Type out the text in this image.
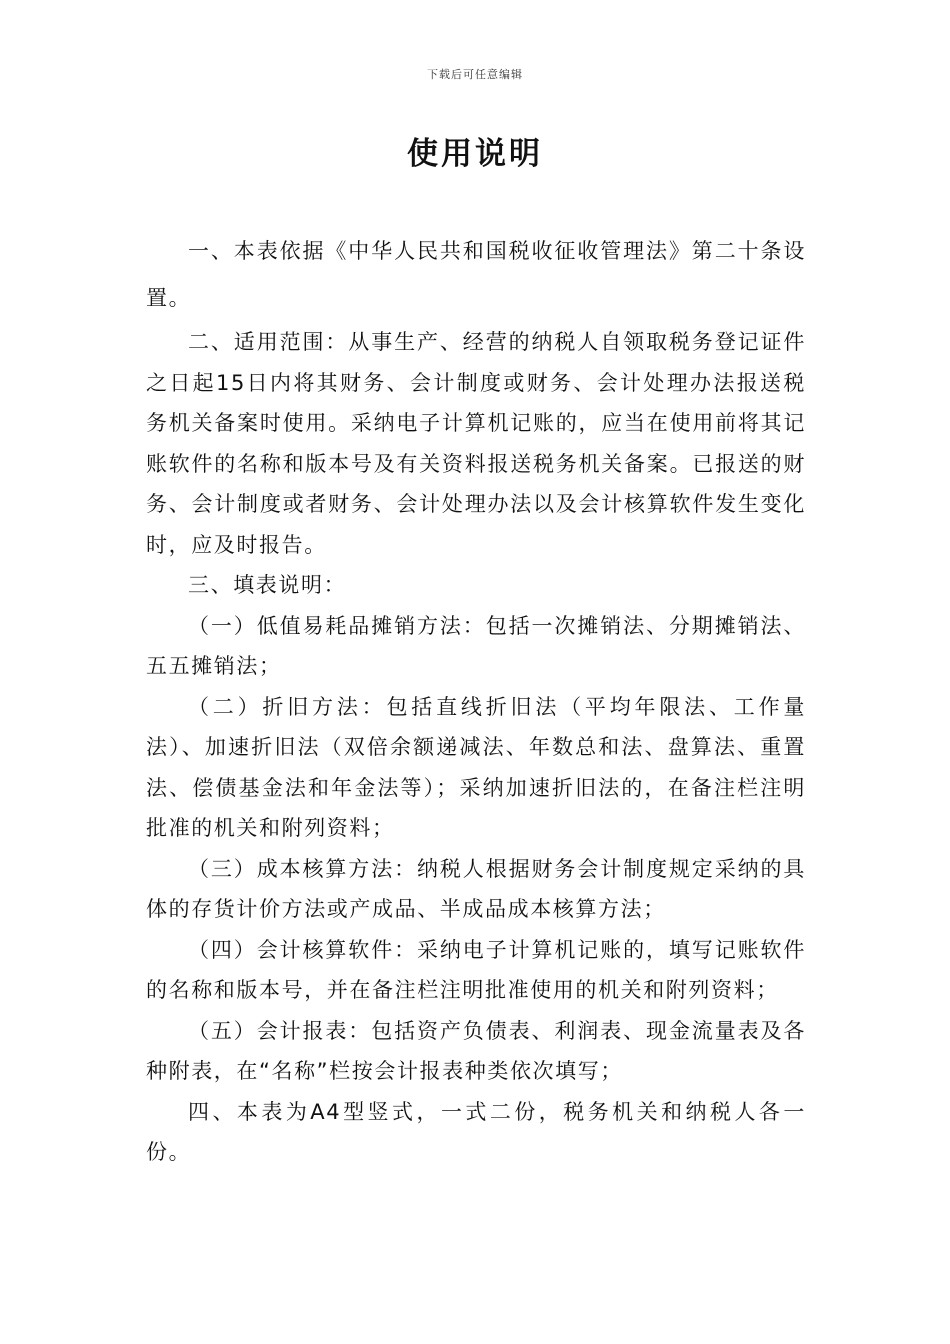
下载后可任意编辑
使用说明

一、本表依据《中华人民共和国税收征收管理法》第二十条设置。

二、适用范围：从事生产、经营的纳税人自领取税务登记证件之日起15日内将其财务、会计制度或财务、会计处理办法报送税务机关备案时使用。采纳电子计算机记账的，应当在使用前将其记账软件的名称和版本号及有关资料报送税务机关备案。已报送的财务、会计制度或者财务、会计处理办法以及会计核算软件发生变化时，应及时报告。

三、填表说明：

（一）低值易耗品摊销方法：包括一次摊销法、分期摊销法、五五摊销法；

（二）折旧方法：包括直线折旧法（平均年限法、工作量法）、加速折旧法（双倍余额递减法、年数总和法、盘算法、重置法、偿债基金法和年金法等）；采纳加速折旧法的，在备注栏注明批准的机关和附列资料；

（三）成本核算方法：纳税人根据财务会计制度规定采纳的具体的存货计价方法或产成品、半成品成本核算方法；

（四）会计核算软件：采纳电子计算机记账的，填写记账软件的名称和版本号，并在备注栏注明批准使用的机关和附列资料；

（五）会计报表：包括资产负债表、利润表、现金流量表及各种附表，在“名称”栏按会计报表种类依次填写；

四、本表为A4型竖式，一式二份，税务机关和纳税人各一份。
